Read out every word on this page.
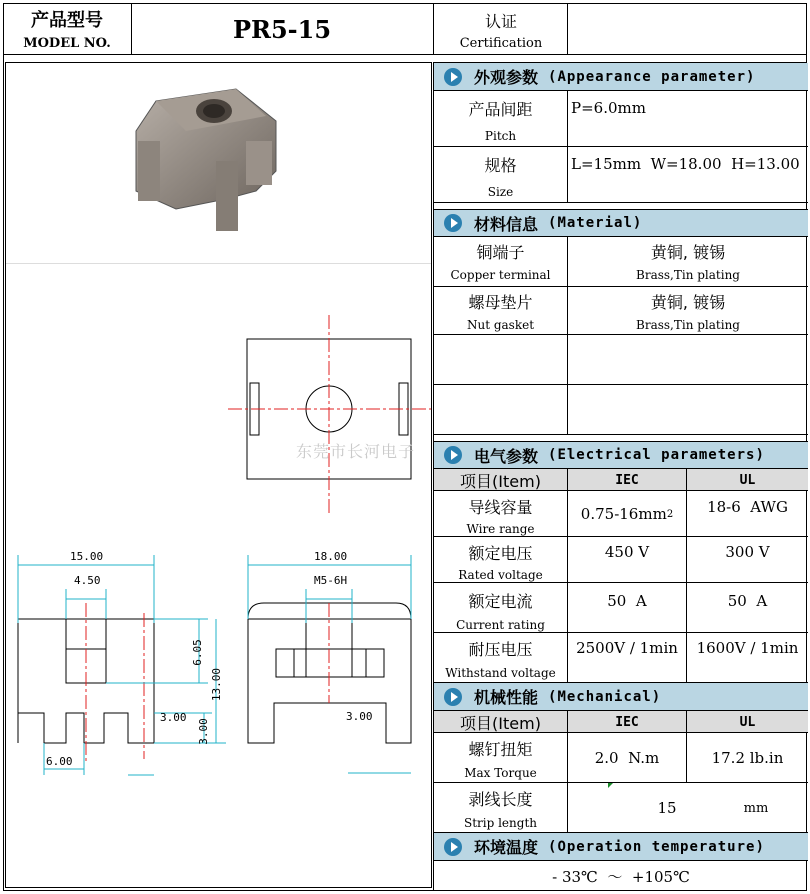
产品型号
MODEL NO.	PR5-15	认证
Certification
15.00
4.50
6.05
13.00
3.00
3.00
6.00
18.00
M5-6H
3.00
东莞市长河电子
外观参数 (Appearance parameter)
产品间距
Pitch
P=6.0mm
规格
Size
L=15mm  W=18.00  H=13.00
材料信息 (Material)
铜端子
Copper terminal
黄铜, 镀锡
Brass,Tin plating
螺母垫片
Nut gasket
黄铜, 镀锡
Brass,Tin plating
电气参数 (Electrical parameters)
项目(Item)	IEC	UL
导线容量
Wire range
0.75-16mm 2	18-6  AWG
额定电压
Rated voltage
450 V	300 V
额定电流
Current rating
50  A	50  A
耐压电压
Withstand voltage
2500V / 1min	1600V / 1min
机械性能 (Mechanical)
项目(Item)	IEC	UL
螺钉扭矩
Max Torque
2.0  N.m	17.2 lb.in
剥线长度
Strip length
15	mm
环境温度 (Operation temperature)
- 33℃  ～  +105℃
